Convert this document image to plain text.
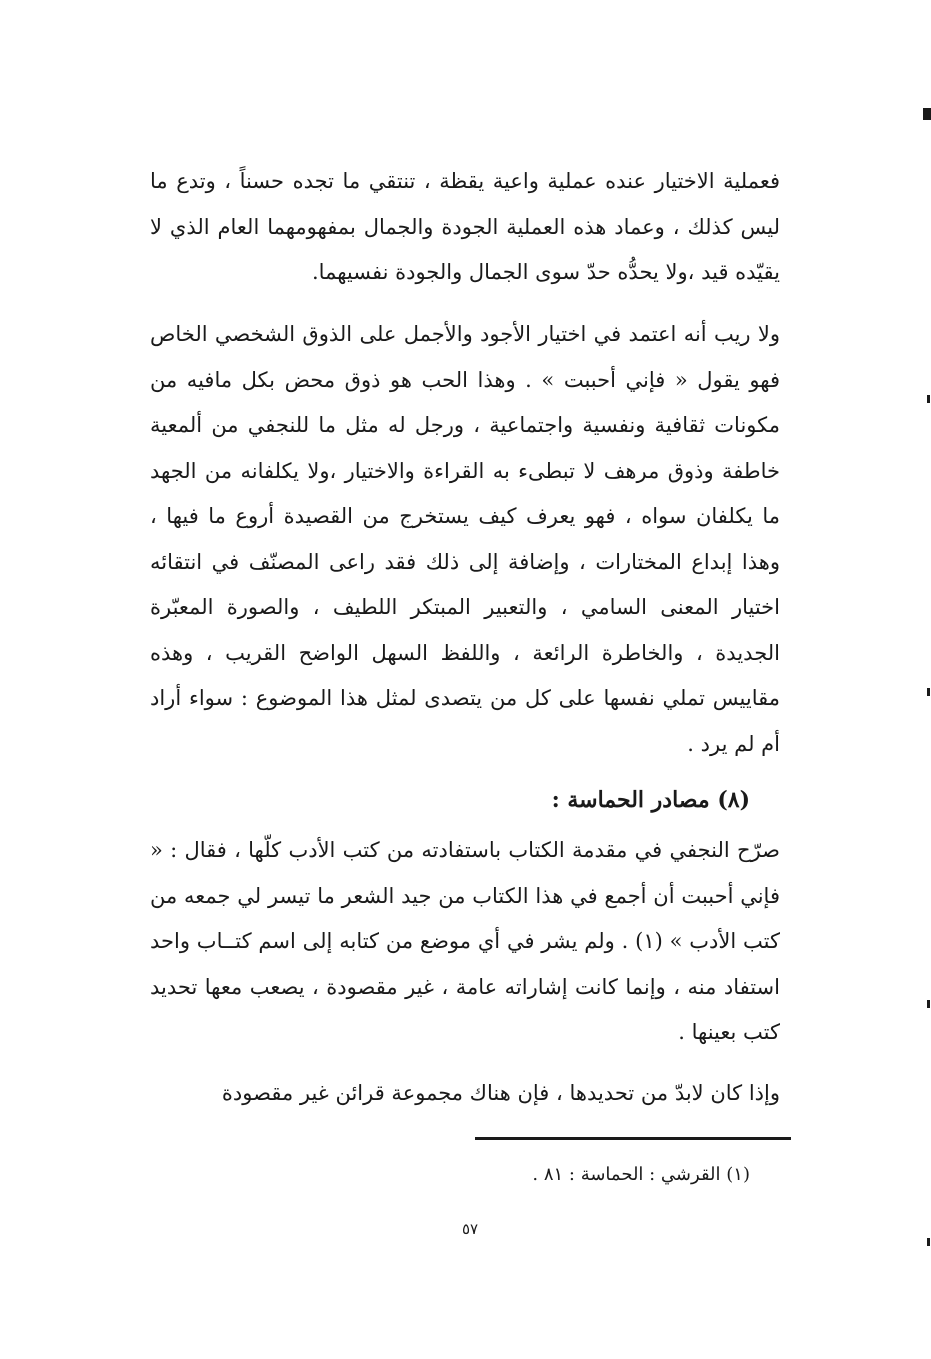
فعملية الاختيار عنده عملية واعية يقظة ، تنتقي ما تجده حسناً ، وتدع ما ليس كذلك ، وعماد هذه العملية الجودة والجمال بمفهومهما العام الذي لا يقيّده قيد ،ولا يحدُّه حدّ سوى الجمال والجودة نفسيهما.

ولا ريب أنه اعتمد في اختيار الأجود والأجمل على الذوق الشخصي الخاص فهو يقول « فإني أحببت » . وهذا الحب هو ذوق محض بكل مافيه من مكونات ثقافية ونفسية واجتماعية ، ورجل له مثل ما للنجفي من ألمعية خاطفة وذوق مرهف لا تبطىء به القراءة والاختيار ،ولا يكلفانه من الجهد ما يكلفان سواه ، فهو يعرف كيف يستخرج من القصيدة أروع ما فيها ، وهذا إبداع المختارات ، وإضافة إلى ذلك فقد راعى المصنّف في انتقائه اختيار المعنى السامي ، والتعبير المبتكر اللطيف ، والصورة المعبّرة الجديدة ، والخاطرة الرائعة ، واللفظ السهل الواضح القريب ، وهذه مقاييس تملي نفسها على كل من يتصدى لمثل هذا الموضوع : سواء أراد أم لم يرد .

(٨) مصادر الحماسة :

صرّح النجفي في مقدمة الكتاب باستفادته من كتب الأدب كلّها ، فقال : « فإني أحببت أن أجمع في هذا الكتاب من جيد الشعر ما تيسر لي جمعه من كتب الأدب » (١) . ولم يشر في أي موضع من كتابه إلى اسم كتــاب واحد استفاد منه ، وإنما كانت إشاراته عامة ، غير مقصودة ، يصعب معها تحديد كتب بعينها .

وإذا كان لابدّ من تحديدها ، فإن هناك مجموعة قرائن غير مقصودة

(١) القرشي : الحماسة : ٨١ .

٥٧
